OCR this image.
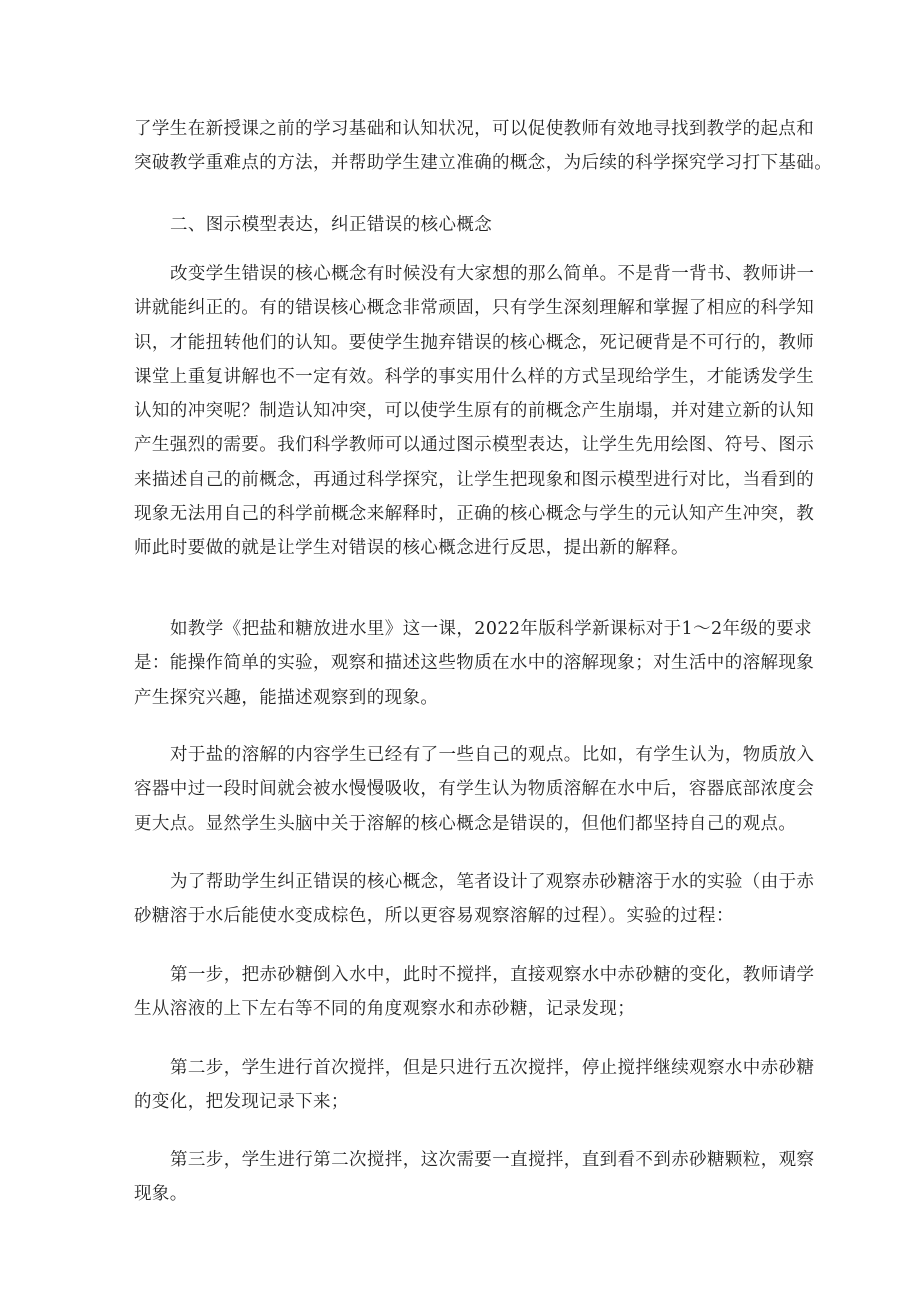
了学生在新授课之前的学习基础和认知状况，可以促使教师有效地寻找到教学的起点和
突破教学重难点的方法，并帮助学生建立准确的概念，为后续的科学探究学习打下基础。
二、图示模型表达，纠正错误的核心概念
改变学生错误的核心概念有时候没有大家想的那么简单。不是背一背书、教师讲一
讲就能纠正的。有的错误核心概念非常顽固，只有学生深刻理解和掌握了相应的科学知
识，才能扭转他们的认知。要使学生抛弃错误的核心概念，死记硬背是不可行的，教师
课堂上重复讲解也不一定有效。科学的事实用什么样的方式呈现给学生，才能诱发学生
认知的冲突呢？制造认知冲突，可以使学生原有的前概念产生崩塌，并对建立新的认知
产生强烈的需要。我们科学教师可以通过图示模型表达，让学生先用绘图、符号、图示
来描述自己的前概念，再通过科学探究，让学生把现象和图示模型进行对比，当看到的
现象无法用自己的科学前概念来解释时，正确的核心概念与学生的元认知产生冲突，教
师此时要做的就是让学生对错误的核心概念进行反思，提出新的解释。
如教学《把盐和糖放进水里》这一课，2022年版科学新课标对于1～2年级的要求
是：能操作简单的实验，观察和描述这些物质在水中的溶解现象；对生活中的溶解现象
产生探究兴趣，能描述观察到的现象。
对于盐的溶解的内容学生已经有了一些自己的观点。比如，有学生认为，物质放入
容器中过一段时间就会被水慢慢吸收，有学生认为物质溶解在水中后，容器底部浓度会
更大点。显然学生头脑中关于溶解的核心概念是错误的，但他们都坚持自己的观点。
为了帮助学生纠正错误的核心概念，笔者设计了观察赤砂糖溶于水的实验（由于赤
砂糖溶于水后能使水变成棕色，所以更容易观察溶解的过程）。实验的过程：
第一步，把赤砂糖倒入水中，此时不搅拌，直接观察水中赤砂糖的变化，教师请学
生从溶液的上下左右等不同的角度观察水和赤砂糖，记录发现；
第二步，学生进行首次搅拌，但是只进行五次搅拌，停止搅拌继续观察水中赤砂糖
的变化，把发现记录下来；
第三步，学生进行第二次搅拌，这次需要一直搅拌，直到看不到赤砂糖颗粒，观察
现象。
